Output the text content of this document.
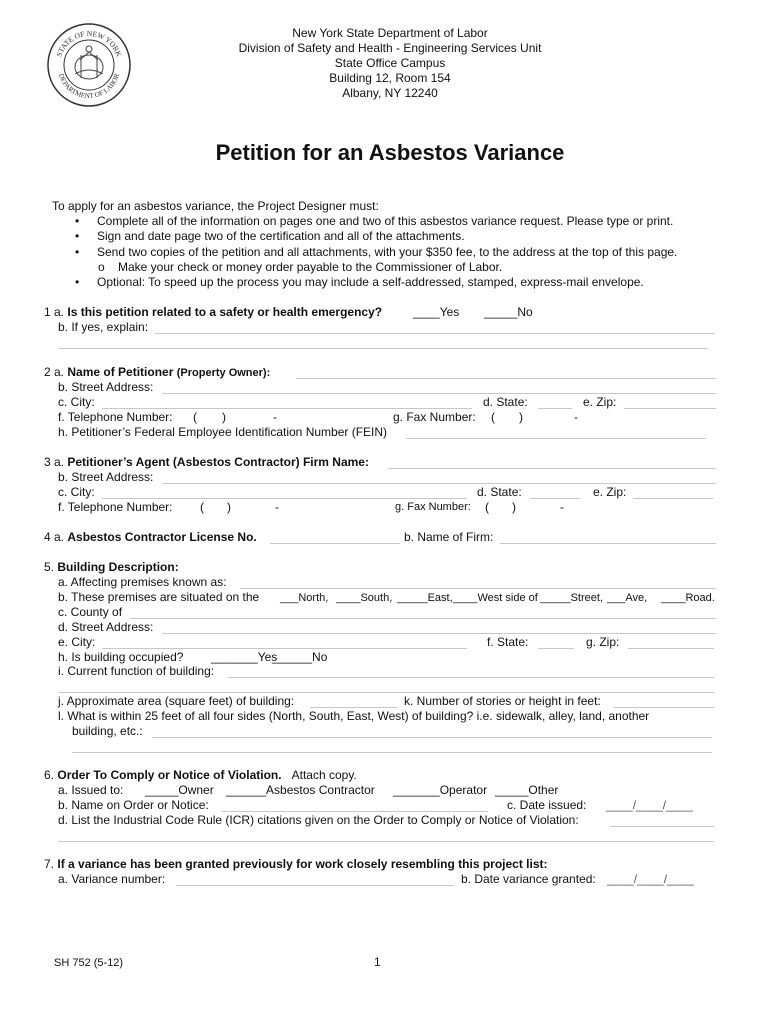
STATE OF NEW YORK
DEPARTMENT OF LABOR
New York State Department of Labor
Division of Safety and Health - Engineering Services Unit
State Office Campus
Building 12, Room 154
Albany, NY 12240
Petition for an Asbestos Variance
To apply for an asbestos variance, the Project Designer must:
• Complete all of the information on pages one and two of this asbestos variance request. Please type or print.
• Sign and date page two of the certification and all of the attachments.
• Send two copies of the petition and all attachments, with your $350 fee, to the address at the top of this page.
o Make your check or money order payable to the Commissioner of Labor.
• Optional: To speed up the process you may include a self-addressed, stamped, express-mail envelope.
1 a. Is this petition related to a safety or health emergency?	____Yes _____No
b. If yes, explain:
2 a. Name of Petitioner (Property Owner):
b. Street Address:
c. City:	d. State:	e. Zip:
f. Telephone Number: ( )	-	g. Fax Number: ( )	-
h. Petitioner’s Federal Employee Identification Number (FEIN)
3 a. Petitioner’s Agent (Asbestos Contractor) Firm Name:
b. Street Address:
c. City:	d. State:	e. Zip:
f. Telephone Number: ( )	-	g. Fax Number: ( )	-
4 a. Asbestos Contractor License No.	b. Name of Firm:
5. Building Description:
a. Affecting premises known as:
b. These premises are situated on the ___North, ____South, _____East, ____West side of _____Street, ___Ave, ____Road.
c. County of
d. Street Address:
e. City:	f. State:	g. Zip:
h. Is building occupied? _______Yes
______No
i. Current function of building:
j. Approximate area (square feet) of building:	k. Number of stories or height in feet:
l. What is within 25 feet of all four sides (North, South, East, West) of building? i.e. sidewalk, alley, land, another
building, etc.:
6. Order To Comply or Notice of Violation. Attach copy.
a. Issued to: _____Owner ______Asbestos Contractor _______Operator _____Other
b. Name on Order or Notice:	c. Date issued: ____/____/____
d. List the Industrial Code Rule (ICR) citations given on the Order to Comply or Notice of Violation:
7. If a variance has been granted previously for work closely resembling this project list:
a. Variance number:	b. Date variance granted: ____/____/____
SH 752 (5-12)	1
